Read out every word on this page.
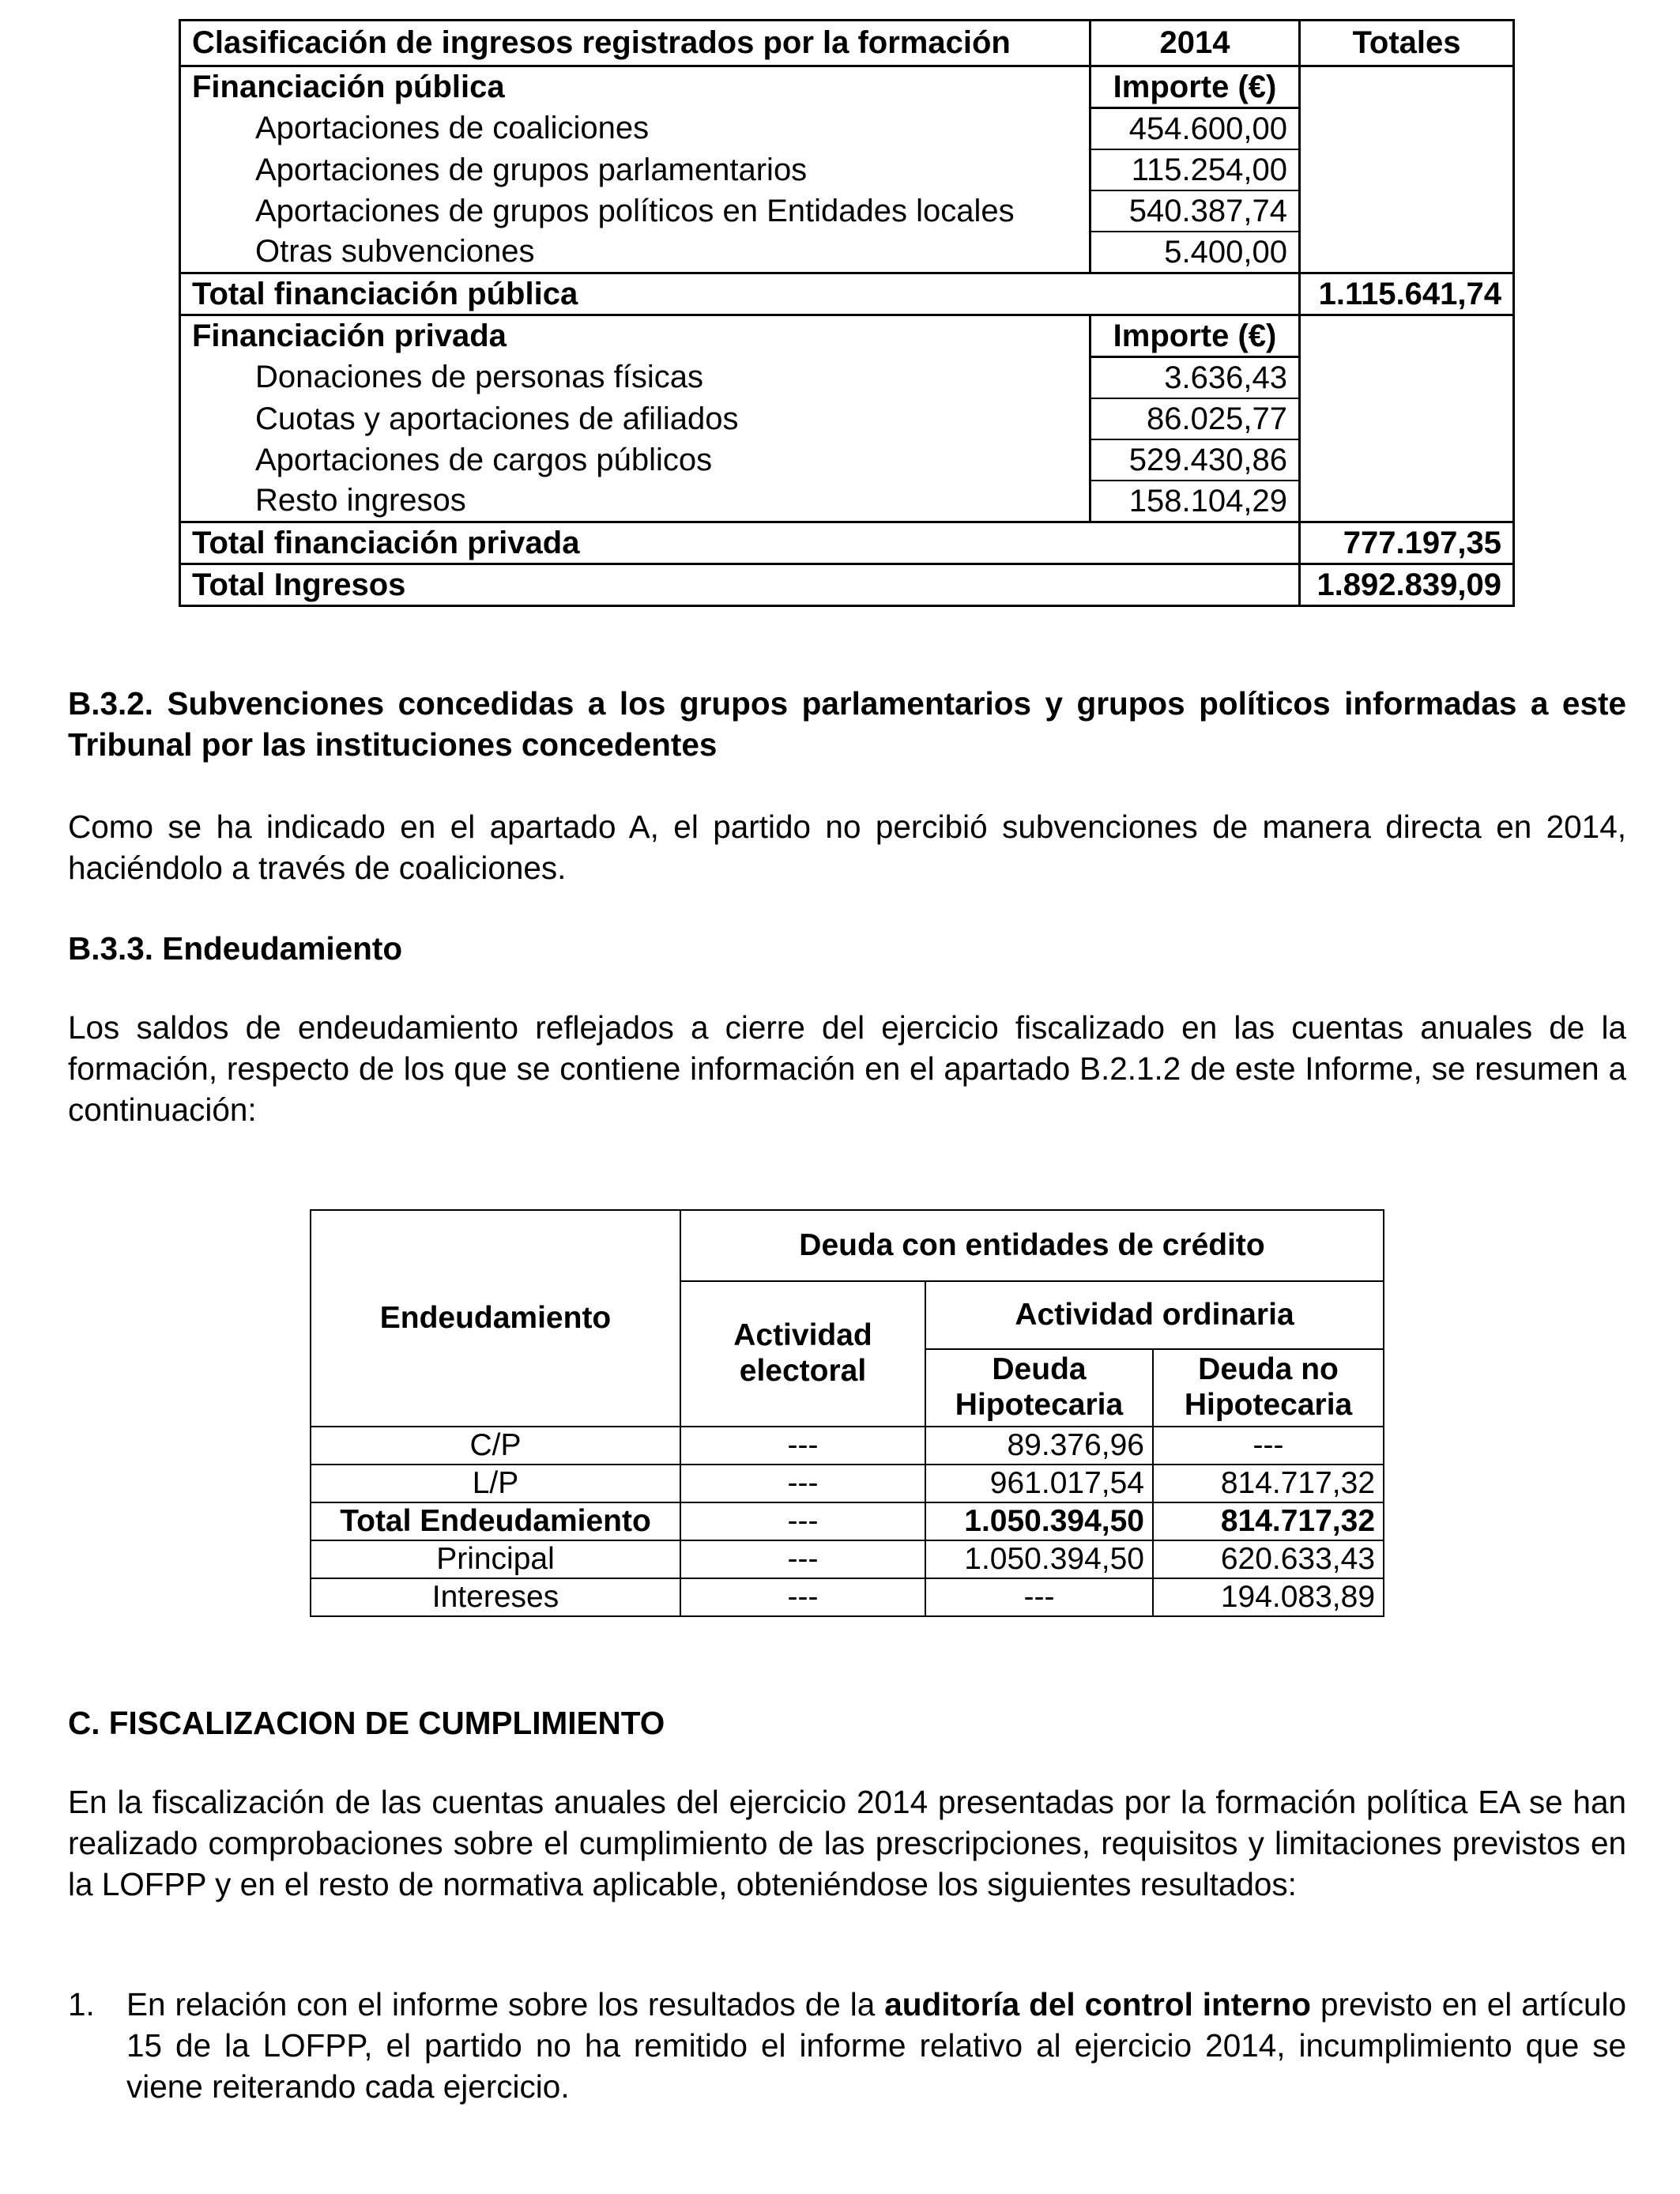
Clasificación de ingresos registrados por la formación	2014	Totales
Financiación pública	Importe (€)	
Aportaciones de coaliciones	454.600,00	
Aportaciones de grupos parlamentarios	115.254,00	
Aportaciones de grupos políticos en Entidades locales	540.387,74	
Otras subvenciones	5.400,00	
Total financiación pública		1.115.641,74
Financiación privada	Importe (€)	
Donaciones de personas físicas	3.636,43	
Cuotas y aportaciones de afiliados	86.025,77	
Aportaciones de cargos públicos	529.430,86	
Resto ingresos	158.104,29	
Total financiación privada		777.197,35
Total Ingresos		1.892.839,09

B.3.2. Subvenciones concedidas a los grupos parlamentarios y grupos políticos informadas a este Tribunal por las instituciones concedentes

Como se ha indicado en el apartado A, el partido no percibió subvenciones de manera directa en 2014, haciéndolo a través de coaliciones.

B.3.3. Endeudamiento

Los saldos de endeudamiento reflejados a cierre del ejercicio fiscalizado en las cuentas anuales de la formación, respecto de los que se contiene información en el apartado B.2.1.2 de este Informe, se resumen a continuación:

Endeudamiento	Deuda con entidades de crédito		
	Actividad electoral	Actividad ordinaria	
		Deuda Hipotecaria	Deuda no Hipotecaria
C/P	---	89.376,96	---
L/P	---	961.017,54	814.717,32
Total Endeudamiento	---	1.050.394,50	814.717,32
Principal	---	1.050.394,50	620.633,43
Intereses	---	---	194.083,89

C. FISCALIZACION DE CUMPLIMIENTO

En la fiscalización de las cuentas anuales del ejercicio 2014 presentadas por la formación política EA se han realizado comprobaciones sobre el cumplimiento de las prescripciones, requisitos y limitaciones previstos en la LOFPP y en el resto de normativa aplicable, obteniéndose los siguientes resultados:

1. En relación con el informe sobre los resultados de la auditoría del control interno previsto en el artículo 15 de la LOFPP, el partido no ha remitido el informe relativo al ejercicio 2014, incumplimiento que se viene reiterando cada ejercicio.
